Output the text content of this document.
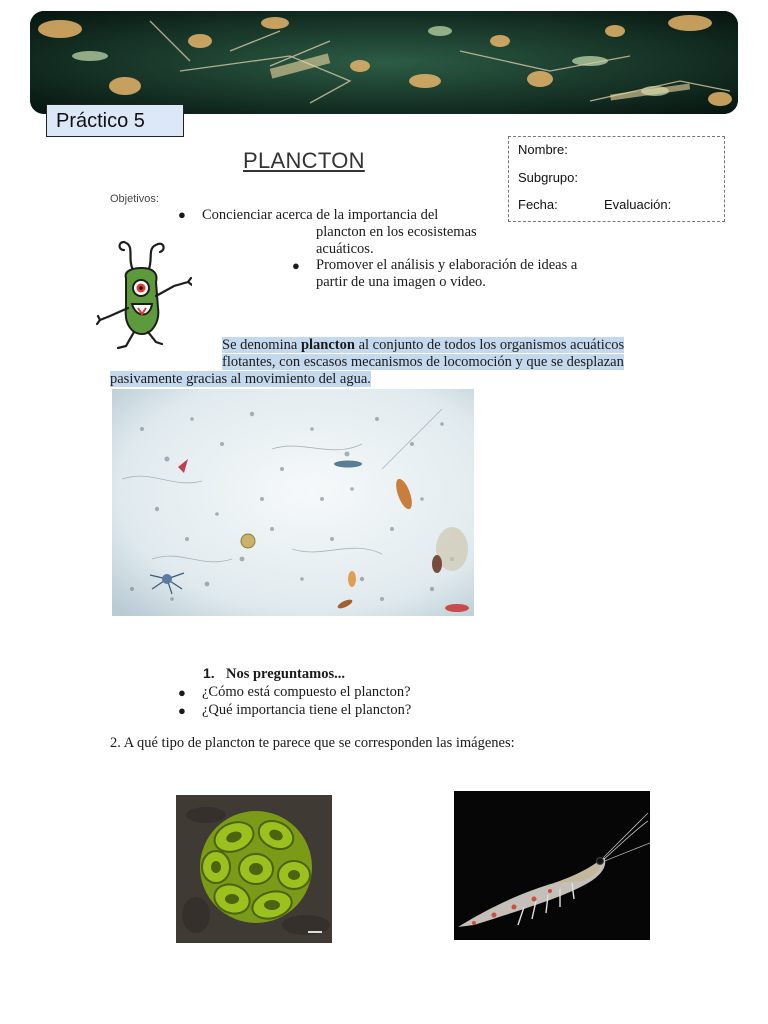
Práctico 5
PLANCTON	Nombre:
Subgrupo:
Fecha:	Evaluación:
Objetivos:
● Concienciar acerca de la importancia del
plancton en los ecosistemas
acuáticos.
● Promover el análisis y elaboración de ideas a
partir de una imagen o video.
Se denomina plancton al conjunto de todos los organismos acuáticos
flotantes, con escasos mecanismos de locomoción y que se desplazan
pasivamente gracias al movimiento del agua.
1. Nos preguntamos...
● ¿Cómo está compuesto el plancton?
● ¿Qué importancia tiene el plancton?
2. A qué tipo de plancton te parece que se corresponden las imágenes:
